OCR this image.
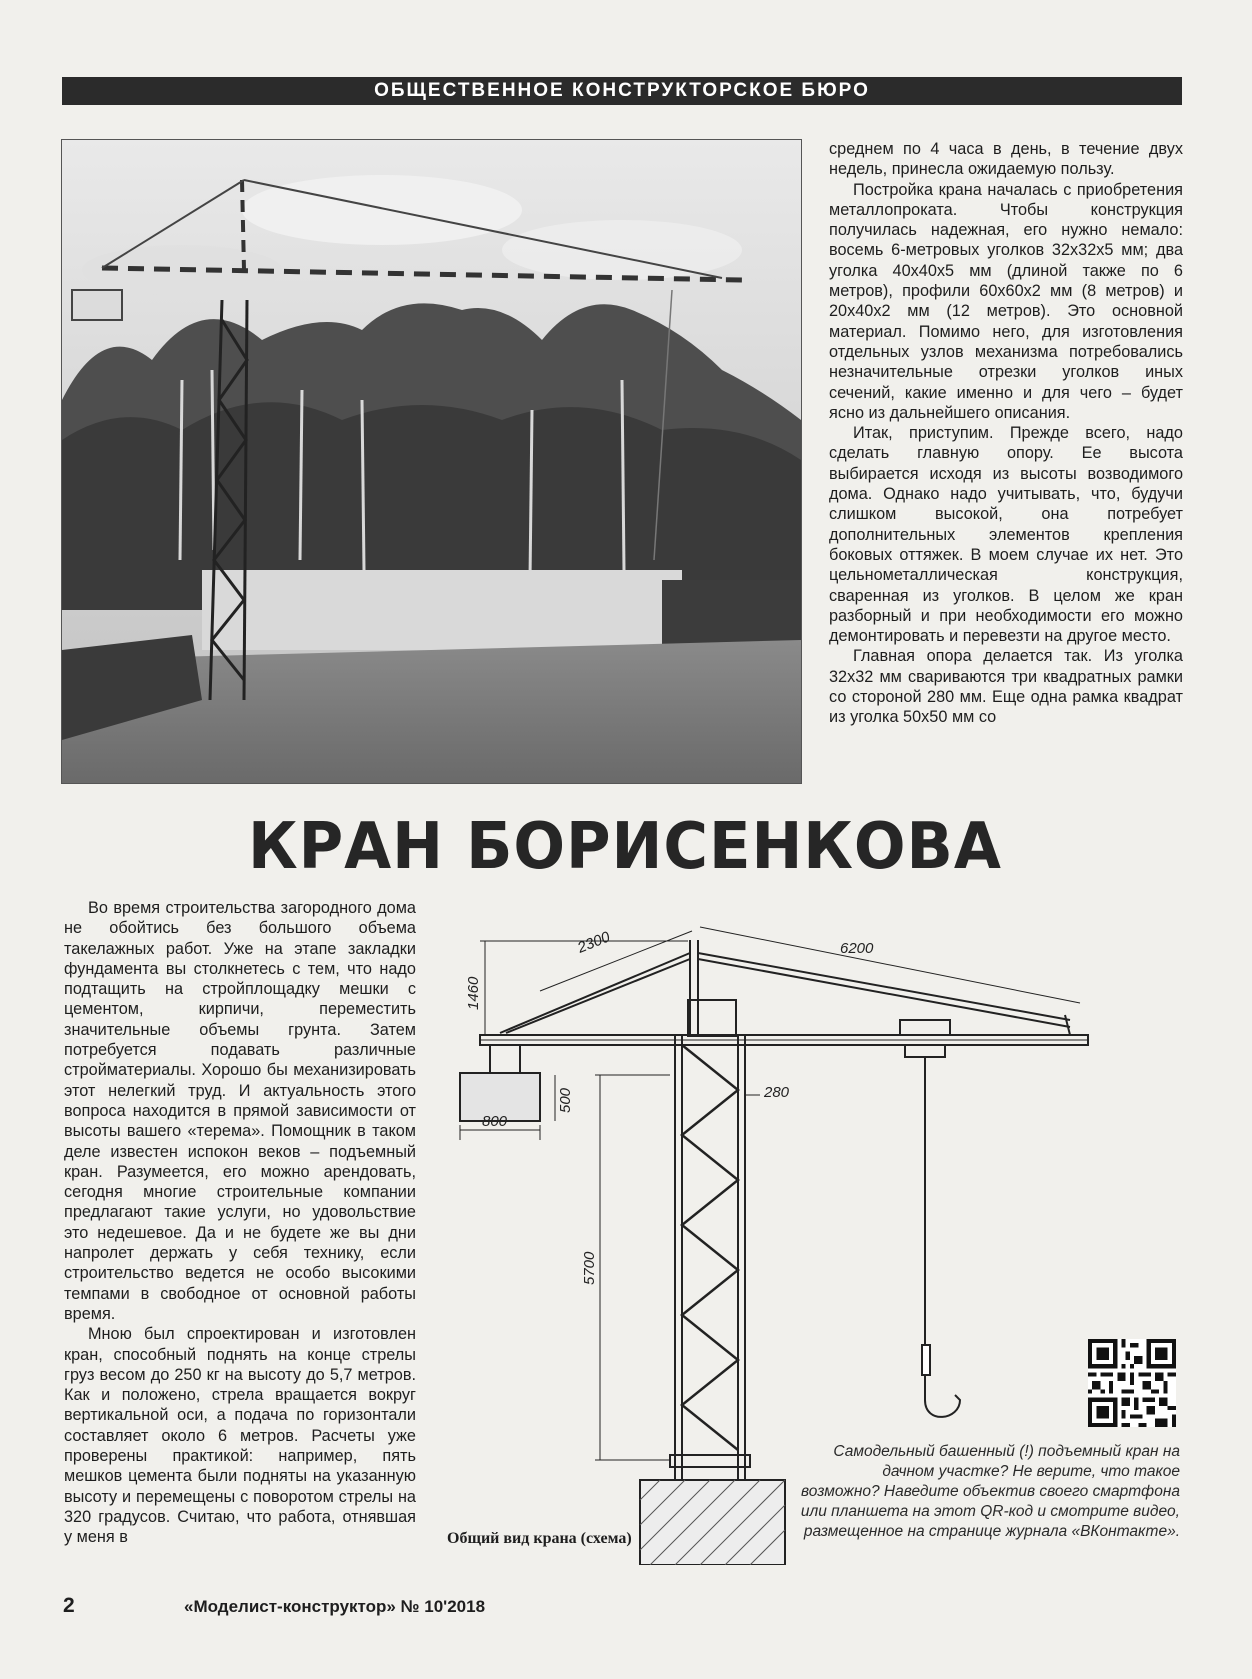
ОБЩЕСТВЕННОЕ КОНСТРУКТОРСКОЕ БЮРО

среднем по 4 часа в день, в течение двух недель, принесла ожидаемую пользу.

Постройка крана началась с приобретения металлопроката. Чтобы конструкция получилась надежная, его нужно немало: восемь 6-метровых уголков 32х32х5 мм; два уголка 40х40х5 мм (длиной также по 6 метров), профили 60х60х2 мм (8 метров) и 20х40х2 мм (12 метров). Это основной материал. Помимо него, для изготовления отдельных узлов механизма потребовались незначительные отрезки уголков иных сечений, какие именно и для чего – будет ясно из дальнейшего описания.

Итак, приступим. Прежде всего, надо сделать главную опору. Ее высота выбирается исходя из высоты возводимого дома. Однако надо учитывать, что, будучи слишком высокой, она потребует дополнительных элементов крепления боковых оттяжек. В моем случае их нет. Это цельнометаллическая конструкция, сваренная из уголков. В целом же кран разборный и при необходимости его можно демонтировать и перевезти на другое место.

Главная опора делается так. Из уголка 32х32 мм свариваются три квадратных рамки со стороной 280 мм. Еще одна рамка квадрат из уголка 50х50 мм со

КРАН БОРИСЕНКОВА

Во время строительства загородного дома не обойтись без большого объема такелажных работ. Уже на этапе закладки фундамента вы столкнетесь с тем, что надо подтащить на стройплощадку мешки с цементом, кирпичи, переместить значительные объемы грунта. Затем потребуется подавать различные стройматериалы. Хорошо бы механизировать этот нелегкий труд. И актуальность этого вопроса находится в прямой зависимости от высоты вашего «терема». Помощник в таком деле известен испокон веков – подъемный кран. Разумеется, его можно арендовать, сегодня многие строительные компании предлагают такие услуги, но удовольствие это недешевое. Да и не будете же вы дни напролет держать у себя технику, если строительство ведется не особо высокими темпами в свободное от основной работы время.

Мною был спроектирован и изготовлен кран, способный поднять на конце стрелы груз весом до 250 кг на высоту до 5,7 метров. Как и положено, стрела вращается вокруг вертикальной оси, а подача по горизонтали составляет около 6 метров. Расчеты уже проверены практикой: например, пять мешков цемента были подняты на указанную высоту и перемещены с поворотом стрелы на 320 градусов. Считаю, что работа, отнявшая у меня в

6200
2300
1460
500
800
280
5700
Общий вид крана (схема)
Самодельный башенный (!) подъемный кран на дачном участке? Не верите, что такое возможно? Наведите объектив своего смартфона или планшета на этот QR-код и смотрите видео, размещенное на странице журнала «ВКонтакте».
2	«Моделист-конструктор» № 10'2018
